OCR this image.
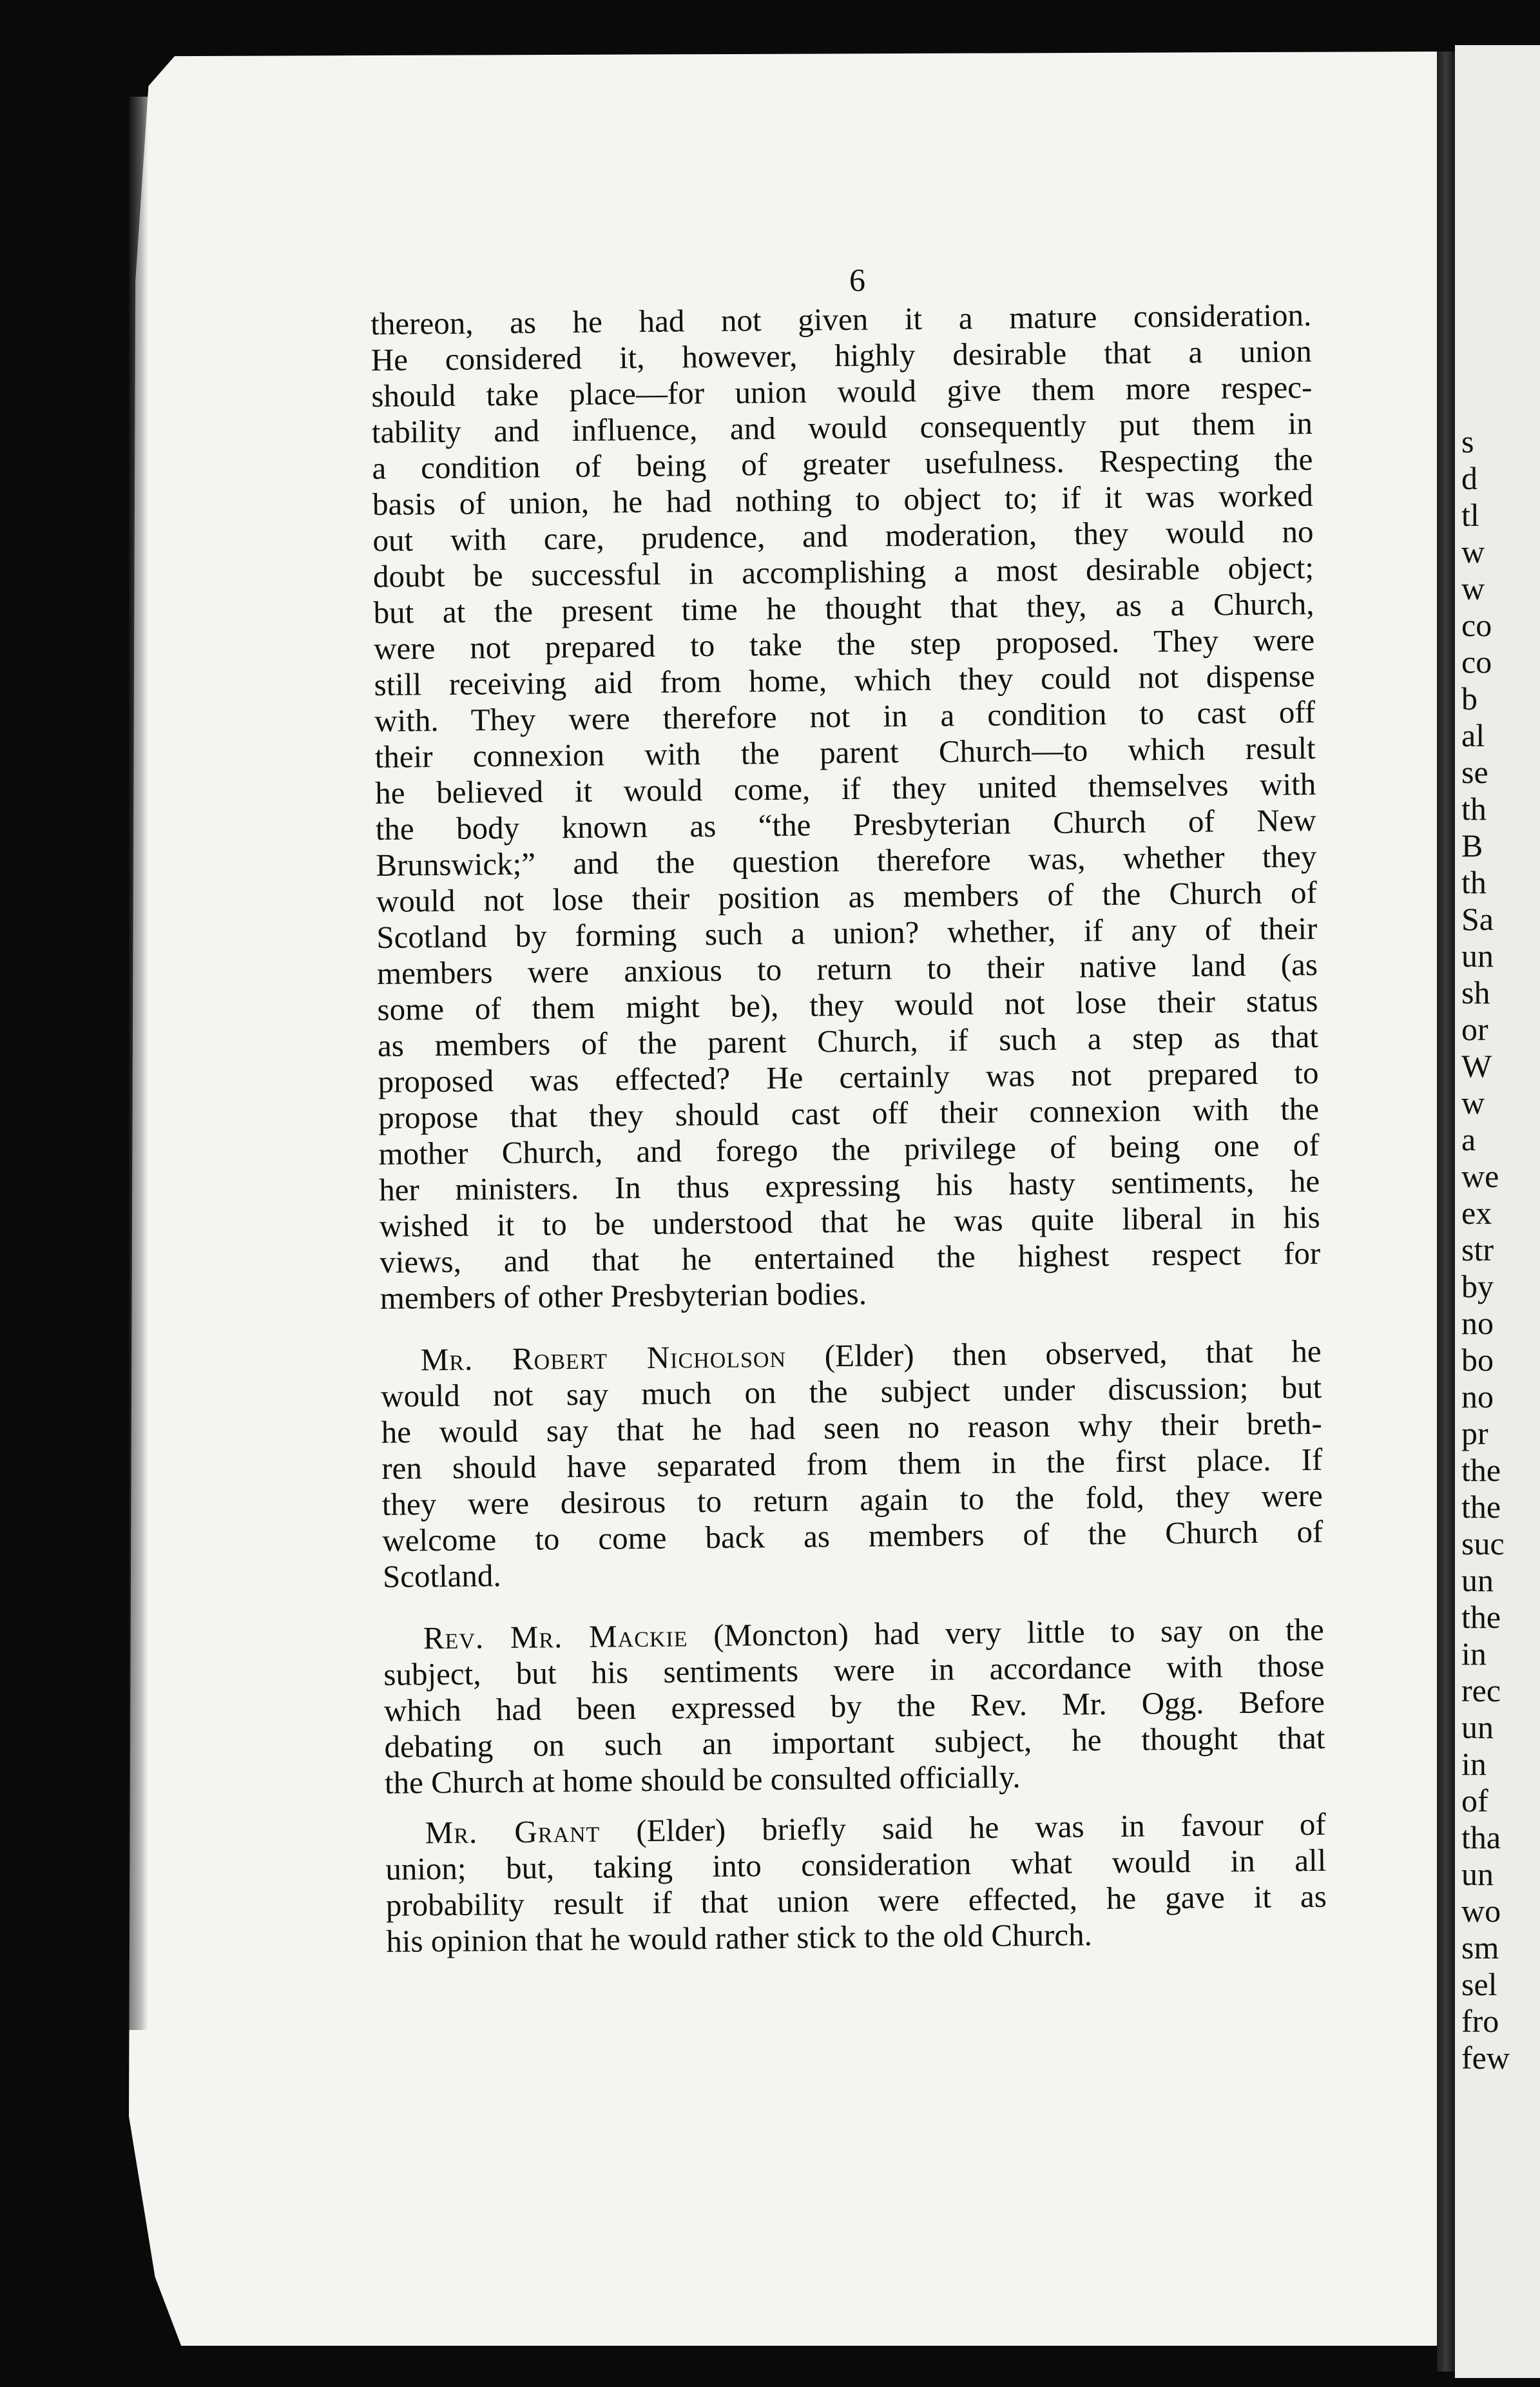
s
d
tl
w
w
co
co
b
al
se
th
B
th
Sa
un
sh
or
W
w
a
we
ex
str
by
no
bo
no
pr
the
the
suc
un
the
in
rec
un
in
of
tha
un
wo
sm
sel
fro
few
6
thereon, as he had not given it a mature consideration.
He considered it, however, highly desirable that a union
should take place—for union would give them more respec-
tability and influence, and would consequently put them in
a condition of being of greater usefulness. Respecting the
basis of union, he had nothing to object to; if it was worked
out with care, prudence, and moderation, they would no
doubt be successful in accomplishing a most desirable object;
but at the present time he thought that they, as a Church,
were not prepared to take the step proposed. They were
still receiving aid from home, which they could not dispense
with. They were therefore not in a condition to cast off
their connexion with the parent Church—to which result
he believed it would come, if they united themselves with
the body known as “the Presbyterian Church of New
Brunswick;” and the question therefore was, whether they
would not lose their position as members of the Church of
Scotland by forming such a union? whether, if any of their
members were anxious to return to their native land (as
some of them might be), they would not lose their status
as members of the parent Church, if such a step as that
proposed was effected? He certainly was not prepared to
propose that they should cast off their connexion with the
mother Church, and forego the privilege of being one of
her ministers. In thus expressing his hasty sentiments, he
wished it to be understood that he was quite liberal in his
views, and that he entertained the highest respect for
members of other Presbyterian bodies.
Mr. Robert Nicholson (Elder) then observed, that he
would not say much on the subject under discussion; but
he would say that he had seen no reason why their breth-
ren should have separated from them in the first place. If
they were desirous to return again to the fold, they were
welcome to come back as members of the Church of
Scotland.
Rev. Mr. Mackie (Moncton) had very little to say on the
subject, but his sentiments were in accordance with those
which had been expressed by the Rev. Mr. Ogg. Before
debating on such an important subject, he thought that
the Church at home should be consulted officially.
Mr. Grant (Elder) briefly said he was in favour of
union; but, taking into consideration what would in all
probability result if that union were effected, he gave it as
his opinion that he would rather stick to the old Church.
